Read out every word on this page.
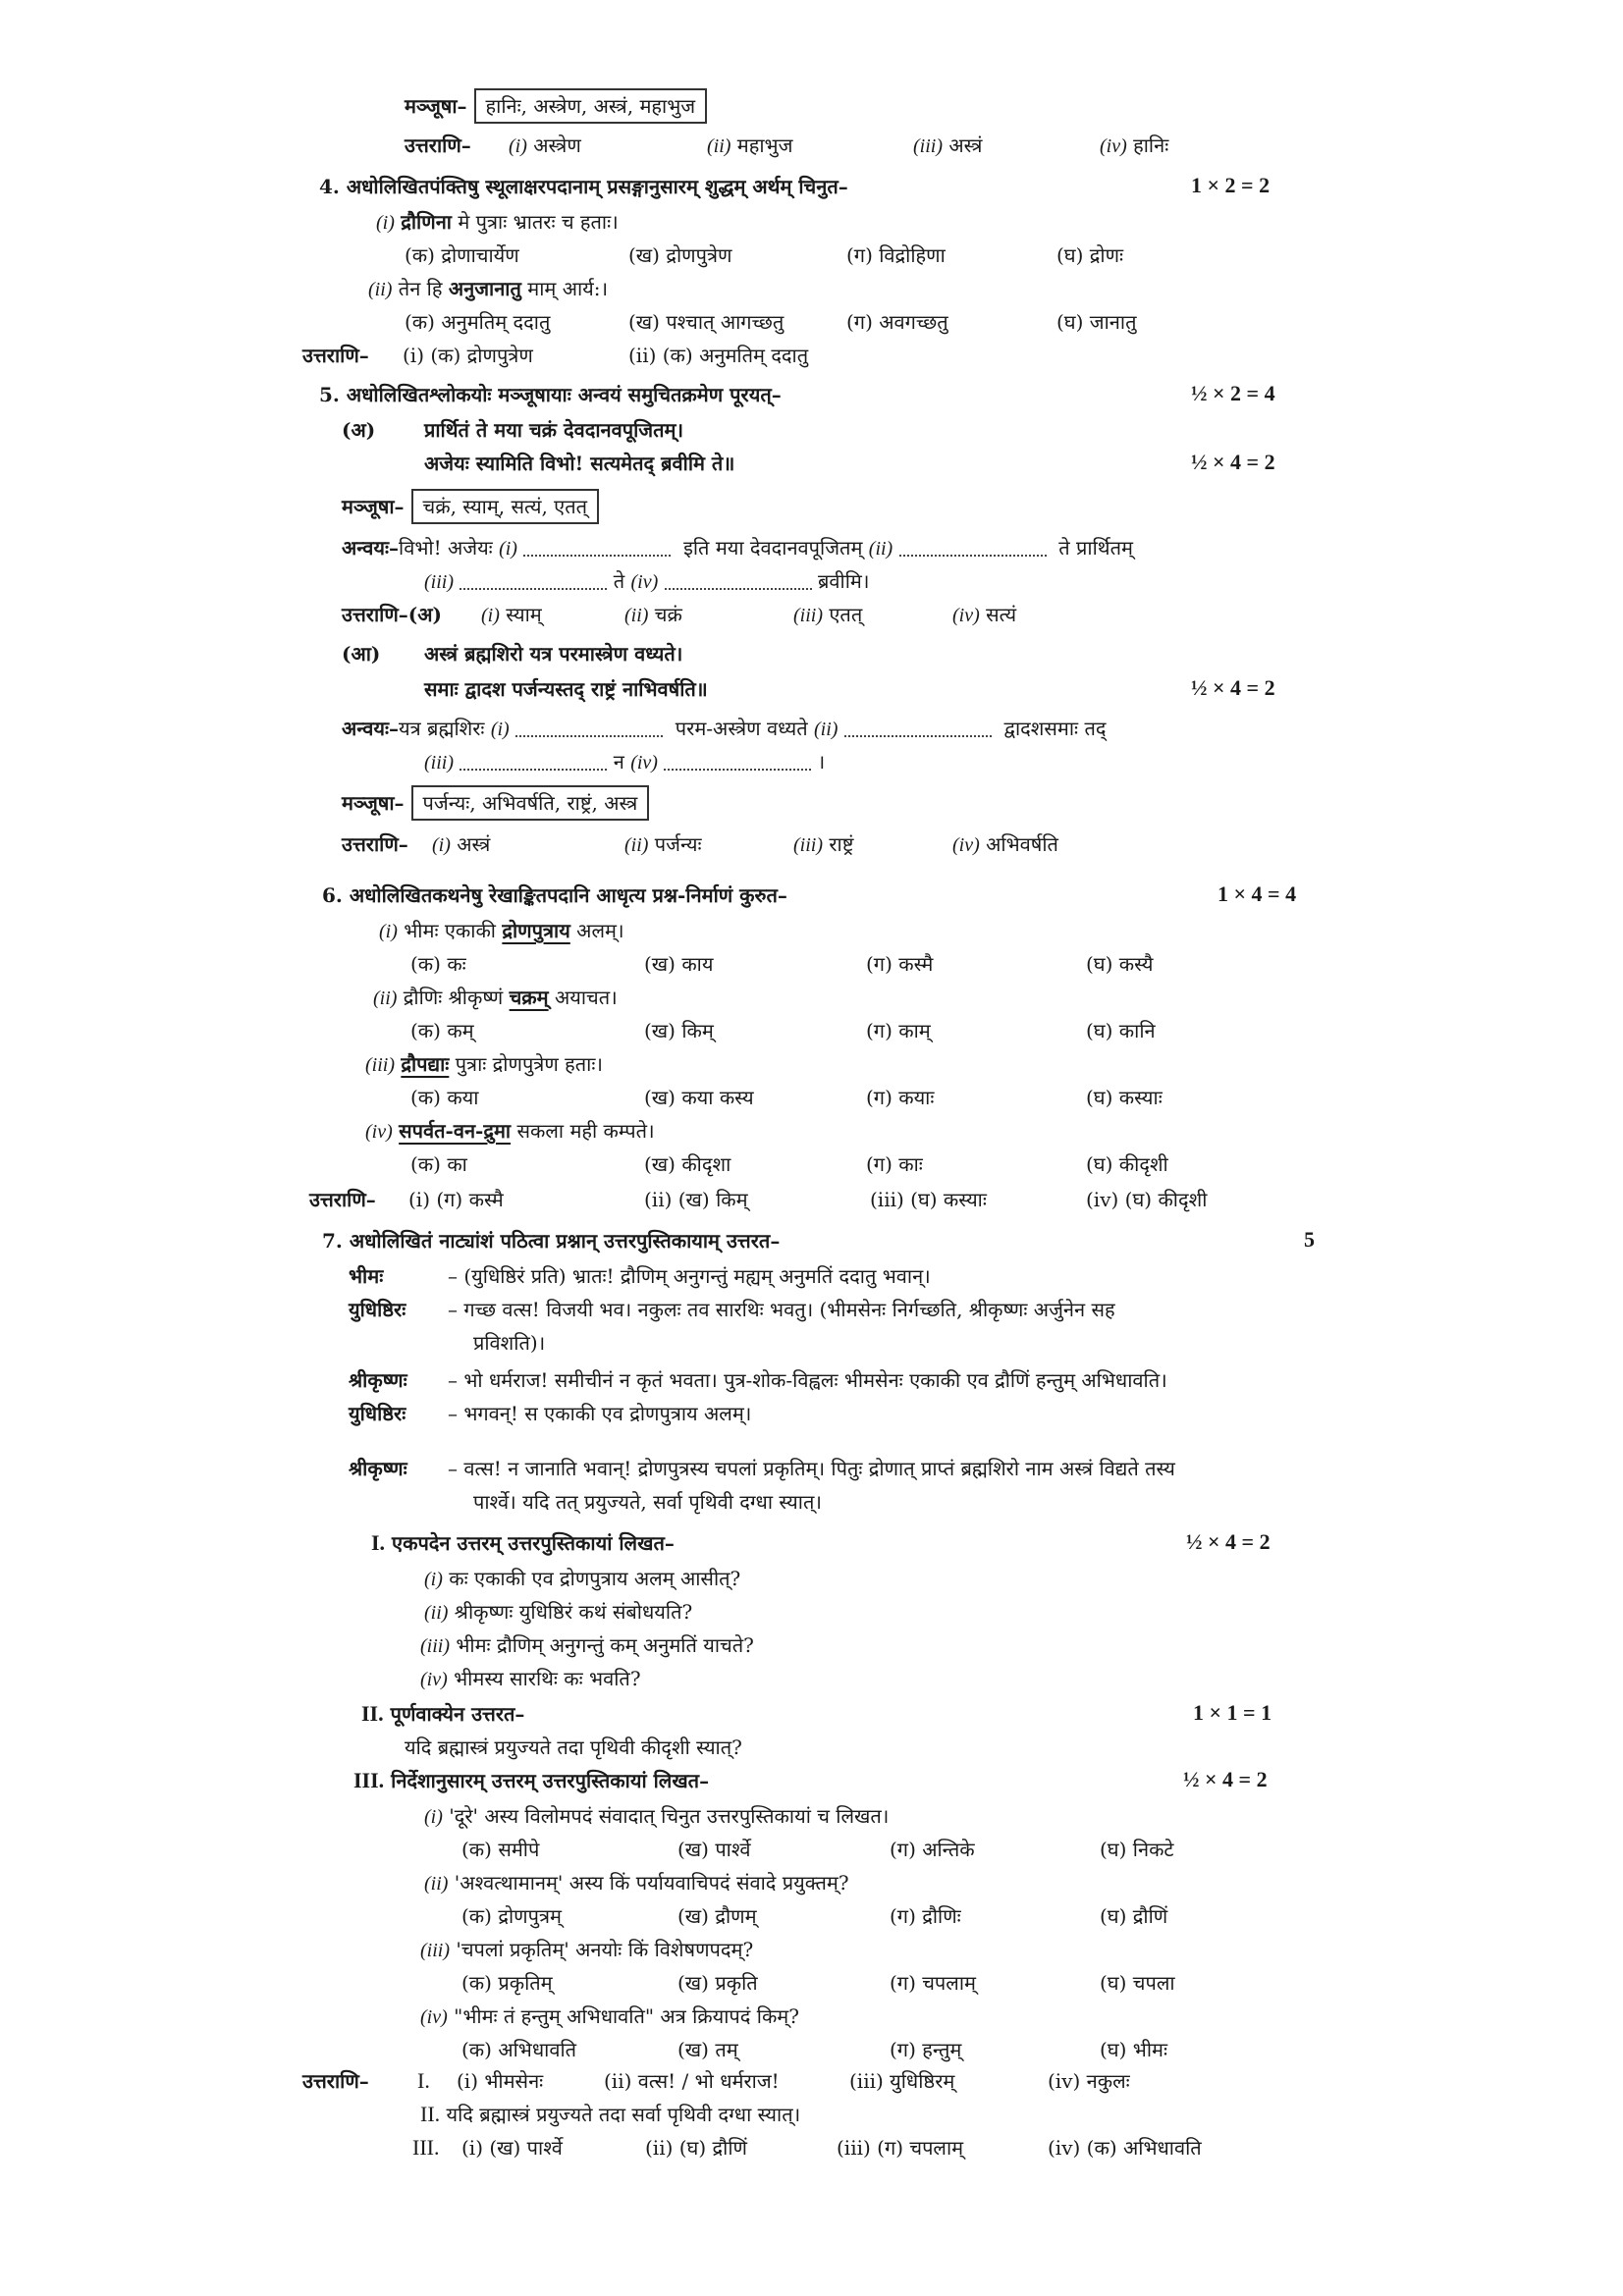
मञ्जूषा– हानिः, अस्त्रेण, अस्त्रं, महाभुज
उत्तराणि– (i) अस्त्रेण	(ii) महाभुज	(iii) अस्त्रं	(iv) हानिः
4. अधोलिखितपंक्तिषु स्थूलाक्षरपदानाम् प्रसङ्गानुसारम् शुद्धम् अर्थम् चिनुत–	1 × 2 = 2
(i) द्रौणिना मे पुत्राः भ्रातरः च हताः।
(क) द्रोणाचार्येण	(ख) द्रोणपुत्रेण	(ग) विद्रोहिणा	(घ) द्रोणः
(ii) तेन हि अनुजानातु माम् आर्य:।
(क) अनुमतिम् ददातु	(ख) पश्चात् आगच्छतु	(ग) अवगच्छतु	(घ) जानातु
उत्तराणि– (i) (क) द्रोणपुत्रेण	(ii) (क) अनुमतिम् ददातु
5. अधोलिखितश्लोकयोः मञ्जूषायाः अन्वयं समुचितक्रमेण पूरयत्–	½ × 2 = 4
(अ) प्रार्थितं ते मया चक्रं देवदानवपूजितम्।
अजेयः स्यामिति विभो! सत्यमेतद् ब्रवीमि ते॥	½ × 4 = 2
मञ्जूषा– चक्रं, स्याम्, सत्यं, एतत्
अन्वयः–विभो! अजेयः (i)	इति मया देवदानवपूजितम् (ii)	ते प्रार्थितम्
(iii)	ते (iv)	ब्रवीमि।
उत्तराणि–(अ) (i) स्याम्	(ii) चक्रं	(iii) एतत्	(iv) सत्यं
(आ) अस्त्रं ब्रह्मशिरो यत्र परमास्त्रेण वध्यते।
समाः द्वादश पर्जन्यस्तद् राष्ट्रं नाभिवर्षति॥	½ × 4 = 2
अन्वयः–यत्र ब्रह्मशिरः (i)	परम-अस्त्रेण वध्यते (ii)	द्वादशसमाः तद्
(iii)	न (iv)	।
मञ्जूषा– पर्जन्यः, अभिवर्षति, राष्ट्रं, अस्त्र
उत्तराणि– (i) अस्त्रं	(ii) पर्जन्यः	(iii) राष्ट्रं	(iv) अभिवर्षति
6. अधोलिखितकथनेषु रेखाङ्कितपदानि आधृत्य प्रश्न-निर्माणं कुरुत–	1 × 4 = 4
(i) भीमः एकाकी द्रोणपुत्राय अलम्।
(क) कः	(ख) काय	(ग) कस्मै	(घ) कस्यै
(ii) द्रौणिः श्रीकृष्णं चक्रम् अयाचत।
(क) कम्	(ख) किम्	(ग) काम्	(घ) कानि
(iii) द्रौपद्याः पुत्राः द्रोणपुत्रेण हताः।
(क) कया	(ख) कया कस्य	(ग) कयाः	(घ) कस्याः
(iv) सपर्वत-वन-द्रुमा सकला मही कम्पते।
(क) का	(ख) कीदृशा	(ग) काः	(घ) कीदृशी
उत्तराणि– (i) (ग) कस्मै	(ii) (ख) किम्	(iii) (घ) कस्याः	(iv) (घ) कीदृशी
7. अधोलिखितं नाट्यांशं पठित्वा प्रश्नान् उत्तरपुस्तिकायाम् उत्तरत–	5
भीमः	– (युधिष्ठिरं प्रति) भ्रातः! द्रौणिम् अनुगन्तुं मह्यम् अनुमतिं ददातु भवान्।
युधिष्ठिरः – गच्छ वत्स! विजयी भव। नकुलः तव सारथिः भवतु। (भीमसेनः निर्गच्छति, श्रीकृष्णः अर्जुनेन सह
प्रविशति)।
श्रीकृष्णः – भो धर्मराज! समीचीनं न कृतं भवता। पुत्र-शोक-विह्वलः भीमसेनः एकाकी एव द्रौणिं हन्तुम् अभिधावति।
युधिष्ठिरः – भगवन्! स एकाकी एव द्रोणपुत्राय अलम्।
श्रीकृष्णः – वत्स! न जानाति भवान्! द्रोणपुत्रस्य चपलां प्रकृतिम्। पितुः द्रोणात् प्राप्तं ब्रह्मशिरो नाम अस्त्रं विद्यते तस्य
पार्श्वे। यदि तत् प्रयुज्यते, सर्वा पृथिवी दग्धा स्यात्।
I. एकपदेन उत्तरम् उत्तरपुस्तिकायां लिखत–	½ × 4 = 2
(i) कः एकाकी एव द्रोणपुत्राय अलम् आसीत्?
(ii) श्रीकृष्णः युधिष्ठिरं कथं संबोधयति?
(iii) भीमः द्रौणिम् अनुगन्तुं कम् अनुमतिं याचते?
(iv) भीमस्य सारथिः कः भवति?
II. पूर्णवाक्येन उत्तरत–	1 × 1 = 1
यदि ब्रह्मास्त्रं प्रयुज्यते तदा पृथिवी कीदृशी स्यात्?
III. निर्देशानुसारम् उत्तरम् उत्तरपुस्तिकायां लिखत–	½ × 4 = 2
(i) 'दूरे' अस्य विलोमपदं संवादात् चिनुत उत्तरपुस्तिकायां च लिखत।
(क) समीपे	(ख) पार्श्वे	(ग) अन्तिके	(घ) निकटे
(ii) 'अश्वत्थामानम्' अस्य किं पर्यायवाचिपदं संवादे प्रयुक्तम्?
(क) द्रोणपुत्रम्	(ख) द्रौणम्	(ग) द्रौणिः	(घ) द्रौणिं
(iii) 'चपलां प्रकृतिम्' अनयोः किं विशेषणपदम्?
(क) प्रकृतिम्	(ख) प्रकृति	(ग) चपलाम्	(घ) चपला
(iv) "भीमः तं हन्तुम् अभिधावति" अत्र क्रियापदं किम्?
(क) अभिधावति	(ख) तम्	(ग) हन्तुम्	(घ) भीमः
उत्तराणि– I. (i) भीमसेनः	(ii) वत्स! / भो धर्मराज!	(iii) युधिष्ठिरम्	(iv) नकुलः
II. यदि ब्रह्मास्त्रं प्रयुज्यते तदा सर्वा पृथिवी दग्धा स्यात्।
III. (i) (ख) पार्श्वे	(ii) (घ) द्रौणिं	(iii) (ग) चपलाम्	(iv) (क) अभिधावति
